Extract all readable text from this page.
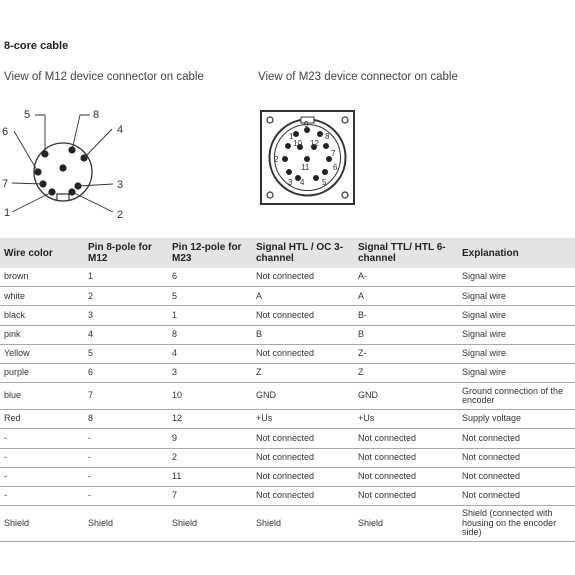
8-core cable
View of M12 device connector on cable	View of M23 device connector on cable
1	2
3
4
5
6
7
8
1
2
3 4 5
6
7
8
9
10
11
12
Wire color	Pin 8-pole for M12	Pin 12-pole for M23	Signal HTL / OC 3-channel	Signal TTL/ HTL 6-channel	Explanation
brown	1	6	Not connected	A-	Signal wire
white	2	5	A	A	Signal wire
black	3	1	Not connected	B-	Signal wire
pink	4	8	B	B	Signal wire
Yellow	5	4	Not connected	Z-	Signal wire
purple	6	3	Z	Z	Signal wire
blue	7	10	GND	GND	Ground connection of the encoder
Red	8	12	+Us	+Us	Supply voltage
-	-	9	Not connected	Not connected	Not connected
-	-	2	Not connected	Not connected	Not connected
-	-	11	Not connected	Not connected	Not connected
-	-	7	Not connected	Not connected	Not connected
Shield	Shield	Shield	Shield	Shield	Shield (connected with housing on the encoder side)
